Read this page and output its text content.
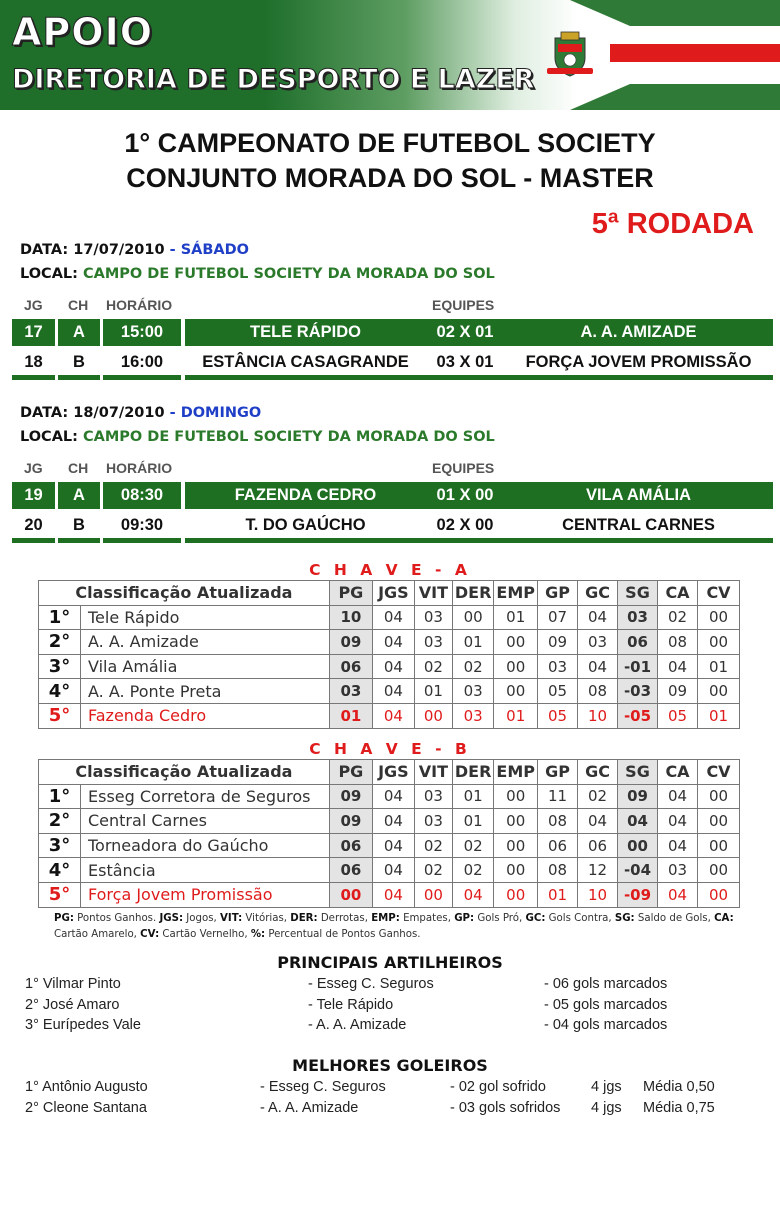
APOIO
DIRETORIA DE DESPORTO E LAZER
1° CAMPEONATO DE FUTEBOL SOCIETY
CONJUNTO MORADA DO SOL - MASTER
5ª RODADA
DATA: 17/07/2010 - SÁBADO
LOCAL: CAMPO DE FUTEBOL SOCIETY DA MORADA DO SOL
JG CH HORÁRIO	EQUIPES
17	A	15:00	TELE RÁPIDO	02 X 01	A. A. AMIZADE
18	B	16:00	ESTÂNCIA CASAGRANDE	03 X 01	FORÇA JOVEM PROMISSÃO
DATA: 18/07/2010 - DOMINGO
LOCAL: CAMPO DE FUTEBOL SOCIETY DA MORADA DO SOL
JG CH HORÁRIO	EQUIPES
19	A	08:30	FAZENDA CEDRO	01 X 00	VILA AMÁLIA
20	B	09:30	T. DO GAÚCHO	02 X 00	CENTRAL CARNES
C H A V E - A
Classificação Atualizada		PG	JGS	VIT	DER	EMP	GP	GC	SG	CA	CV
1°	Tele Rápido	10	04	03	00	01	07	04	03	02	00
2°	A. A. Amizade	09	04	03	01	00	09	03	06	08	00
3°	Vila Amália	06	04	02	02	00	03	04	-01	04	01
4°	A. A. Ponte Preta	03	04	01	03	00	05	08	-03	09	00
5°	Fazenda Cedro	01	04	00	03	01	05	10	-05	05	01
C H A V E - B
Classificação Atualizada		PG	JGS	VIT	DER	EMP	GP	GC	SG	CA	CV
1°	Esseg Corretora de Seguros	09	04	03	01	00	11	02	09	04	00
2°	Central Carnes	09	04	03	01	00	08	04	04	04	00
3°	Torneadora do Gaúcho	06	04	02	02	00	06	06	00	04	00
4°	Estância	06	04	02	02	00	08	12	-04	03	00
5°	Força Jovem Promissão	00	04	00	04	00	01	10	-09	04	00
PG: Pontos Ganhos. JGS: Jogos, VIT: Vitórias, DER: Derrotas, EMP: Empates, GP: Gols Pró, GC: Gols Contra, SG: Saldo de Gols, CA: Cartão Amarelo, CV: Cartão Vernelho, %: Percentual de Pontos Ganhos.
PRINCIPAIS ARTILHEIROS
1° Vilmar Pinto	- Esseg C. Seguros	- 06 gols marcados
2° José Amaro	- Tele Rápido	- 05 gols marcados
3° Eurípedes Vale	- A. A. Amizade	- 04 gols marcados
MELHORES GOLEIROS
1° Antônio Augusto	- Esseg C. Seguros	- 02 gol sofrido	4 jgs Média 0,50
2° Cleone Santana	- A. A. Amizade	- 03 gols sofridos 4 jgs Média 0,75
